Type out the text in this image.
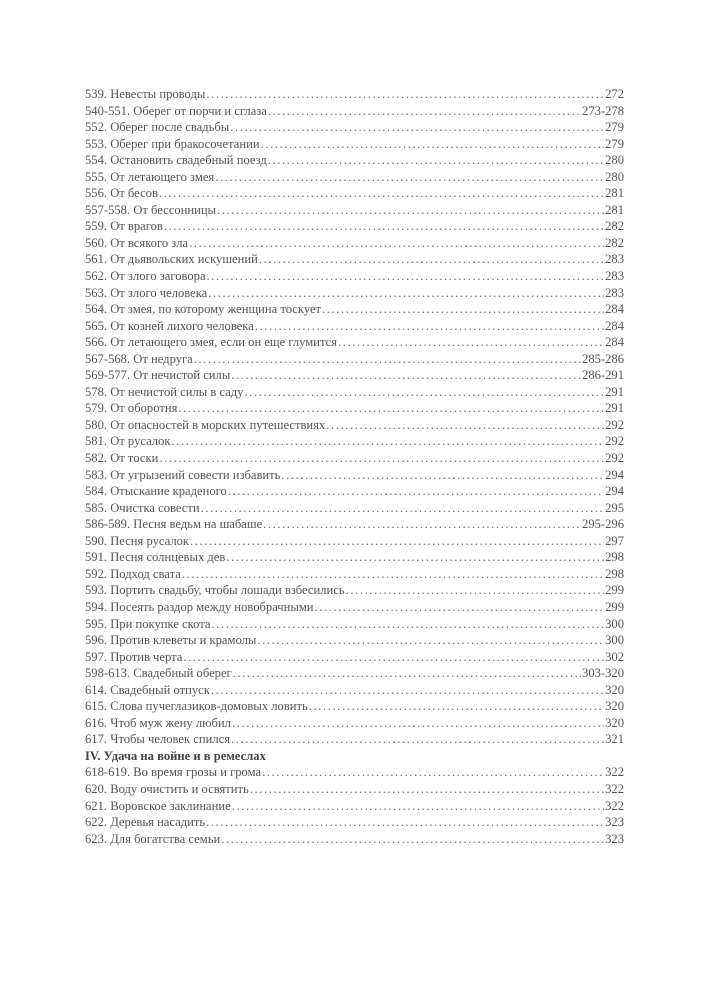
539. Невесты проводы .....	272
540-551. Оберег от порчи и сглаза .....	273-278
552. Оберег после свадьбы .....	279
553. Оберег при бракосочетании .....	279
554. Остановить свадебный поезд .....	280
555. От летающего змея .....	280
556. От бесов .....	281
557-558. От бессонницы .....	281
559. От врагов .....	282
560. От всякого зла .....	282
561. От дьявольских искушений .....	283
562. От злого заговора .....	283
563. От злого человека .....	283
564. От змея, по которому женщина тоскует .....	284
565. От козней лихого человека .....	284
566. От летающего змея, если он еще глумится .....	284
567-568. От недруга .....	285-286
569-577. От нечистой силы .....	286-291
578. От нечистой силы в саду .....	291
579. От оборотня .....	291
580. От опасностей в морских путешествиях .....	292
581. От русалок .....	292
582. От тоски .....	292
583. От угрызений совести избавить .....	294
584. Отыскание краденого .....	294
585. Очистка совести .....	295
586-589. Песня ведьм на шабаше .....	295-296
590. Песня русалок .....	297
591. Песня солнцевых дев .....	298
592. Подход свата .....	298
593. Портить свадьбу, чтобы лошади взбесились .....	299
594. Посеять раздор между новобрачными .....	299
595. При покупке скота .....	300
596. Против клеветы и крамолы .....	300
597. Против черта .....	302
598-613. Свадебный оберег .....	303-320
614. Свадебный отпуск .....	320
615. Слова пучеглазиков-домовых ловить .....	320
616. Чтоб муж жену любил .....	320
617. Чтобы человек спился .....	321
IV. Удача на войне и в ремеслах
618-619. Во время грозы и грома .....	322
620. Воду очистить и освятить .....	322
621. Воровское заклинание .....	322
622. Деревья насадить .....	323
623. Для богатства семьи .....	323
